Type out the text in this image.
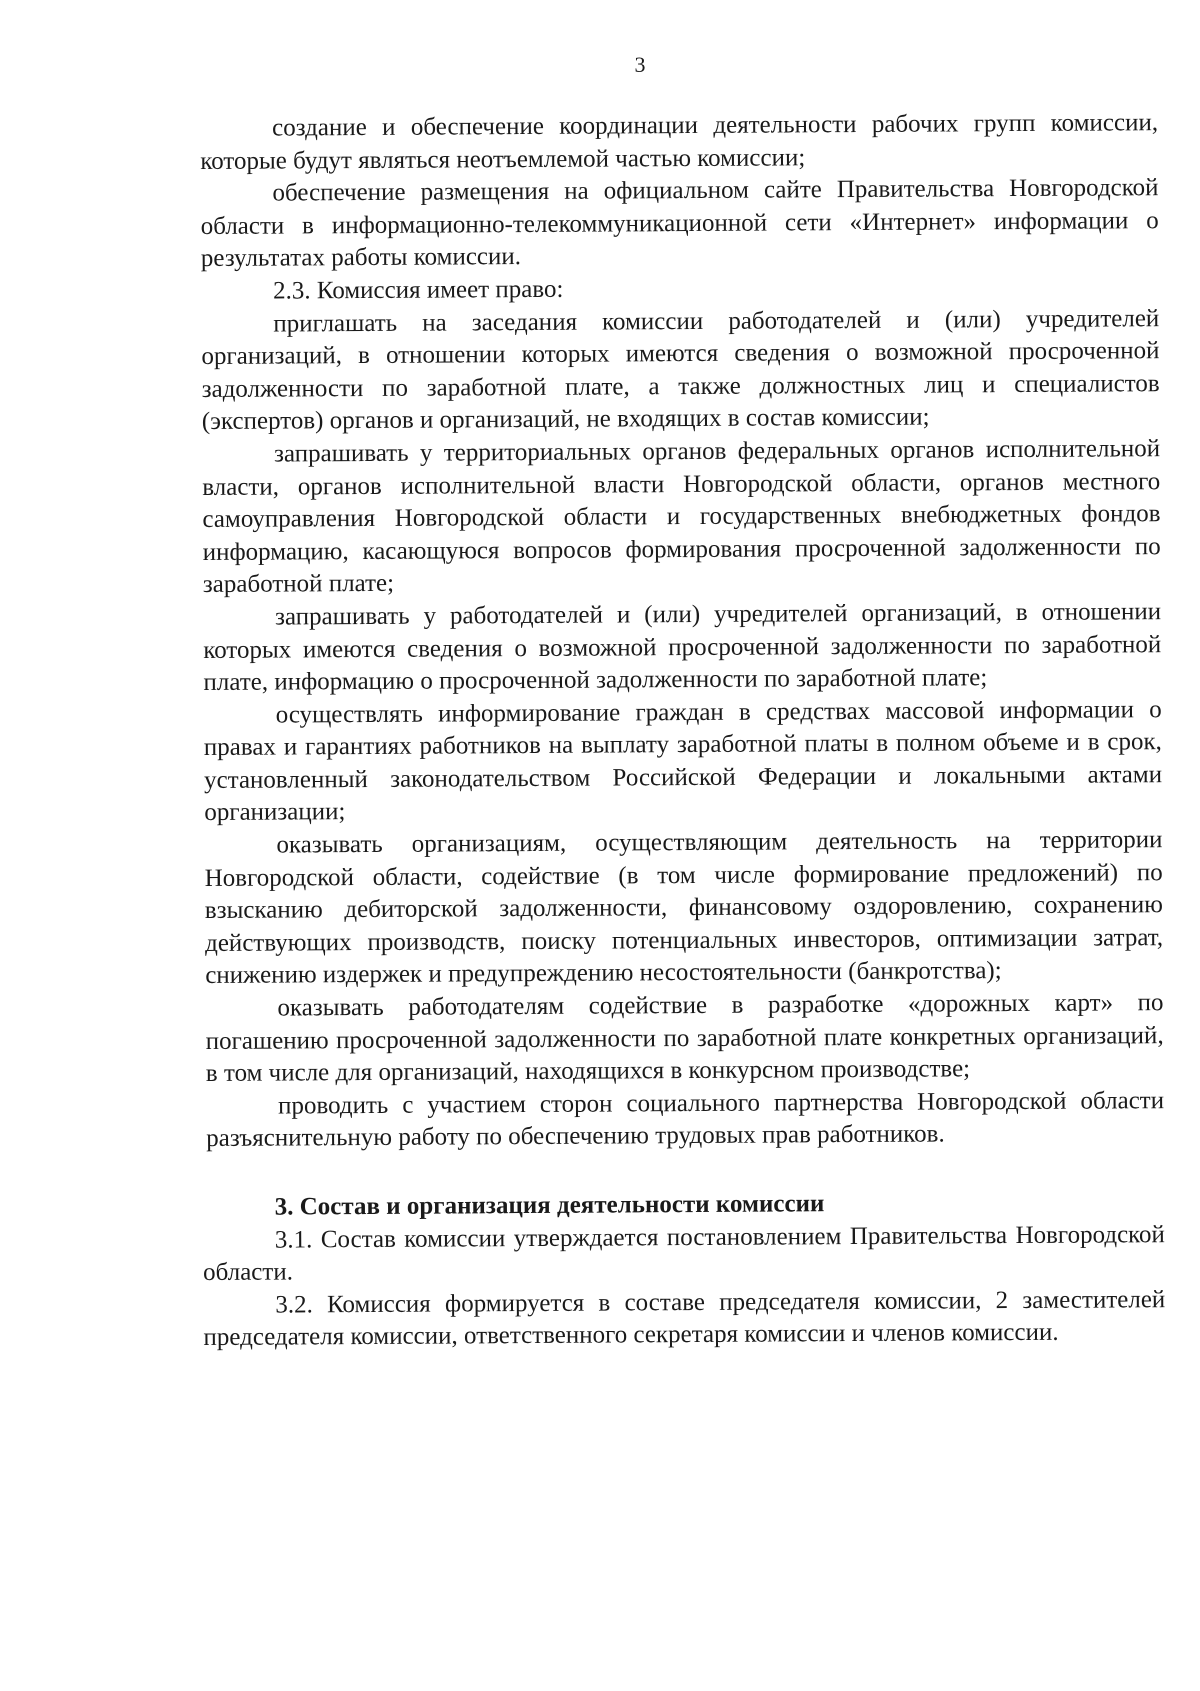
3

создание и обеспечение координации деятельности рабочих групп комиссии, которые будут являться неотъемлемой частью комиссии;

обеспечение размещения на официальном сайте Правительства Новгородской области в информационно-телекоммуникационной сети «Интернет» информации о результатах работы комиссии.

2.3. Комиссия имеет право:

приглашать на заседания комиссии работодателей и (или) учредителей организаций, в отношении которых имеются сведения о возможной просроченной задолженности по заработной плате, а также должностных лиц и специалистов (экспертов) органов и организаций, не входящих в состав комиссии;

запрашивать у территориальных органов федеральных органов исполнительной власти, органов исполнительной власти Новгородской области, органов местного самоуправления Новгородской области и государственных внебюджетных фондов информацию, касающуюся вопросов формирования просроченной задолженности по заработной плате;

запрашивать у работодателей и (или) учредителей организаций, в отношении которых имеются сведения о возможной просроченной задолженности по заработной плате, информацию о просроченной задолженности по заработной плате;

осуществлять информирование граждан в средствах массовой информации о правах и гарантиях работников на выплату заработной платы в полном объеме и в срок, установленный законодательством Российской Федерации и локальными актами организации;

оказывать организациям, осуществляющим деятельность на территории Новгородской области, содействие (в том числе формирование предложений) по взысканию дебиторской задолженности, финансовому оздоровлению, сохранению действующих производств, поиску потенциальных инвесторов, оптимизации затрат, снижению издержек и предупреждению несостоятельности (банкротства);

оказывать работодателям содействие в разработке «дорожных карт» по погашению просроченной задолженности по заработной плате конкретных организаций, в том числе для организаций, находящихся в конкурсном производстве;

проводить с участием сторон социального партнерства Новгородской области разъяснительную работу по обеспечению трудовых прав работников.

3. Состав и организация деятельности комиссии

3.1. Состав комиссии утверждается постановлением Правительства Новгородской области.

3.2. Комиссия формируется в составе председателя комиссии, 2 заместителей председателя комиссии, ответственного секретаря комиссии и членов комиссии.
